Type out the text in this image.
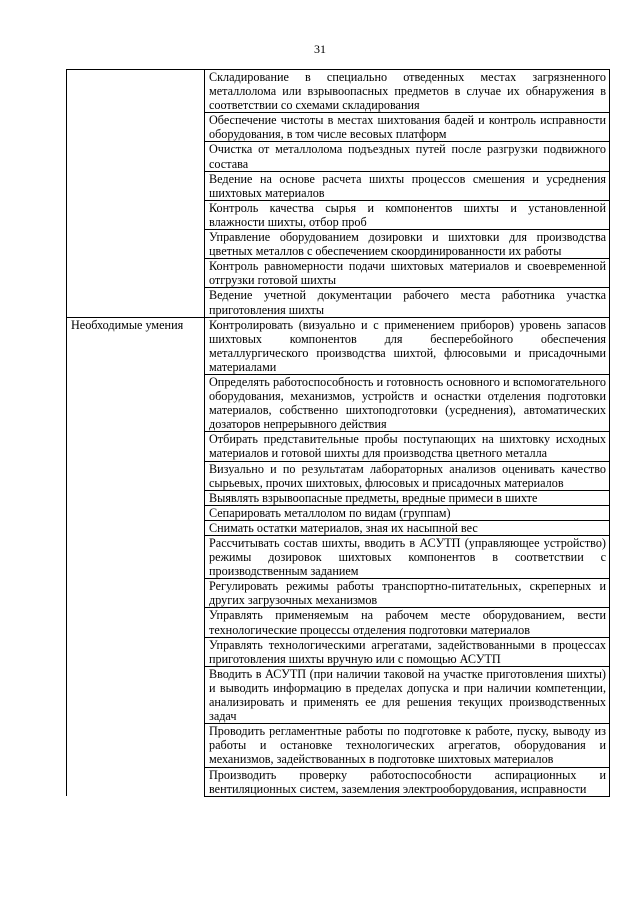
31
	Складирование в специально отведенных местах загрязненного металлолома или взрывоопасных предметов в случае их обнаружения в соответствии со схемами складирования
	Обеспечение чистоты в местах шихтования бадей и контроль исправности оборудования, в том числе весовых платформ
	Очистка от металлолома подъездных путей после разгрузки подвижного состава
	Ведение на основе расчета шихты процессов смешения и усреднения шихтовых материалов
	Контроль качества сырья и компонентов шихты и установленной влажности шихты, отбор проб
	Управление оборудованием дозировки и шихтовки для производства цветных металлов с обеспечением скоординированности их работы
	Контроль равномерности подачи шихтовых материалов и своевременной отгрузки готовой шихты
	Ведение учетной документации рабочего места работника участка приготовления шихты
Необходимые умения	Контролировать (визуально и с применением приборов) уровень запасов шихтовых компонентов для бесперебойного обеспечения металлургического производства шихтой, флюсовыми и присадочными материалами
	Определять работоспособность и готовность основного и вспомогательного оборудования, механизмов, устройств и оснастки отделения подготовки материалов, собственно шихтоподготовки (усреднения), автоматических дозаторов непрерывного действия
	Отбирать представительные пробы поступающих на шихтовку исходных материалов и готовой шихты для производства цветного металла
	Визуально и по результатам лабораторных анализов оценивать качество сырьевых, прочих шихтовых, флюсовых и присадочных материалов
	Выявлять взрывоопасные предметы, вредные примеси в шихте
	Сепарировать металлолом по видам (группам)
	Снимать остатки материалов, зная их насыпной вес
	Рассчитывать состав шихты, вводить в АСУТП (управляющее устройство) режимы дозировок шихтовых компонентов в соответствии с производственным заданием
	Регулировать режимы работы транспортно-питательных, скреперных и других загрузочных механизмов
	Управлять применяемым на рабочем месте оборудованием, вести технологические процессы отделения подготовки материалов
	Управлять технологическими агрегатами, задействованными в процессах приготовления шихты вручную или с помощью АСУТП
	Вводить в АСУТП (при наличии таковой на участке приготовления шихты) и выводить информацию в пределах допуска и при наличии компетенции, анализировать и применять ее для решения текущих производственных задач
	Проводить регламентные работы по подготовке к работе, пуску, выводу из работы и остановке технологических агрегатов, оборудования и механизмов, задействованных в подготовке шихтовых материалов
	Производить проверку работоспособности аспирационных и вентиляционных систем, заземления электрооборудования, исправности
